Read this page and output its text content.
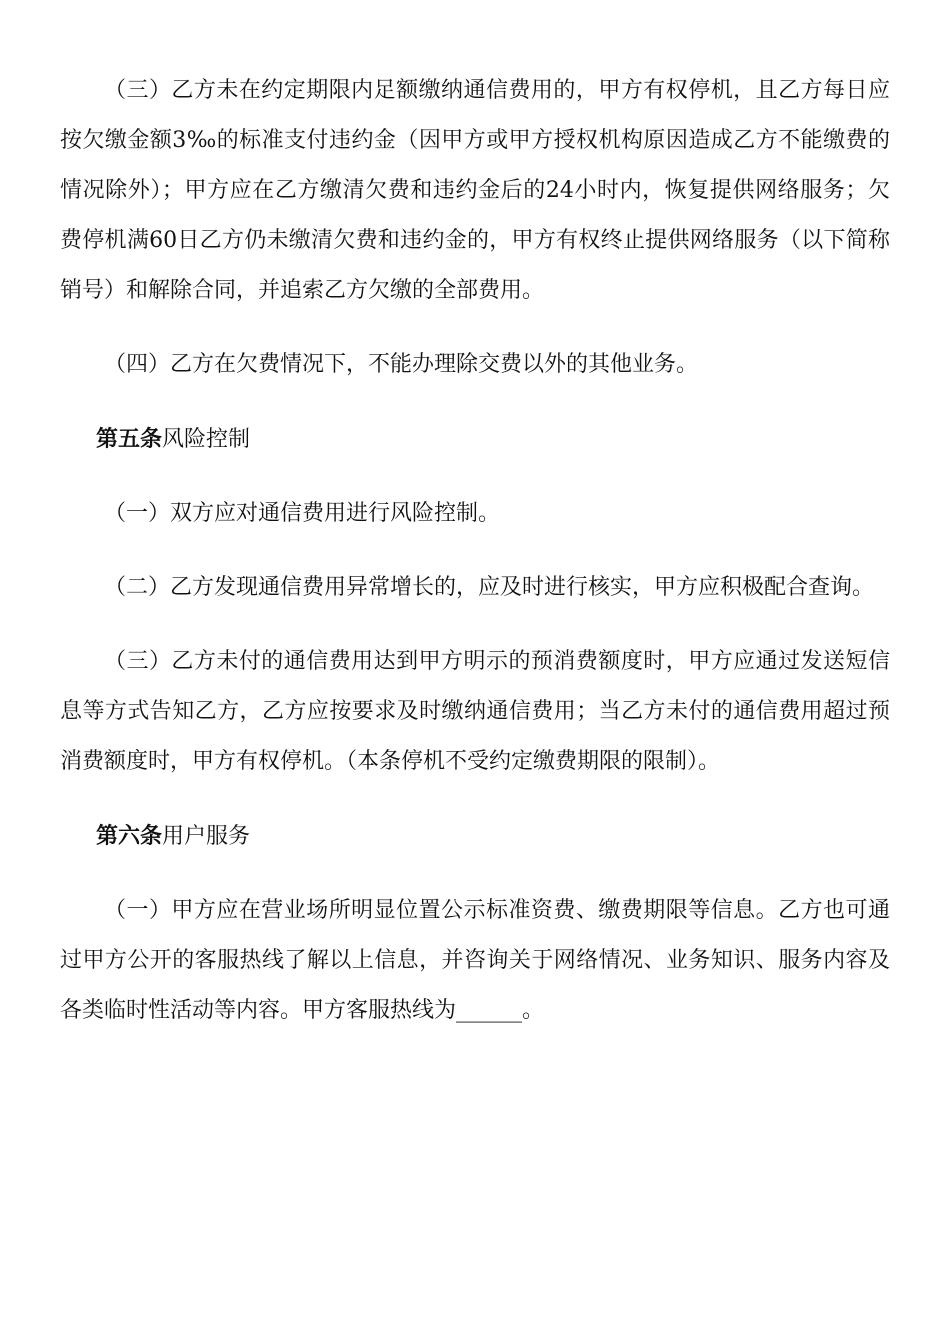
（三）乙方未在约定期限内足额缴纳通信费用的，甲方有权停机，且乙方每日应按欠缴金额3‰的标准支付违约金（因甲方或甲方授权机构原因造成乙方不能缴费的情况除外）；甲方应在乙方缴清欠费和违约金后的24小时内，恢复提供网络服务；欠费停机满60日乙方仍未缴清欠费和违约金的，甲方有权终止提供网络服务（以下简称销号）和解除合同，并追索乙方欠缴的全部费用。

（四）乙方在欠费情况下，不能办理除交费以外的其他业务。

第五条风险控制

（一）双方应对通信费用进行风险控制。

（二）乙方发现通信费用异常增长的，应及时进行核实，甲方应积极配合查询。

（三）乙方未付的通信费用达到甲方明示的预消费额度时，甲方应通过发送短信息等方式告知乙方，乙方应按要求及时缴纳通信费用；当乙方未付的通信费用超过预消费额度时，甲方有权停机。（本条停机不受约定缴费期限的限制）。

第六条用户服务

（一）甲方应在营业场所明显位置公示标准资费、缴费期限等信息。乙方也可通过甲方公开的客服热线了解以上信息，并咨询关于网络情况、业务知识、服务内容及各类临时性活动等内容。甲方客服热线为______。
